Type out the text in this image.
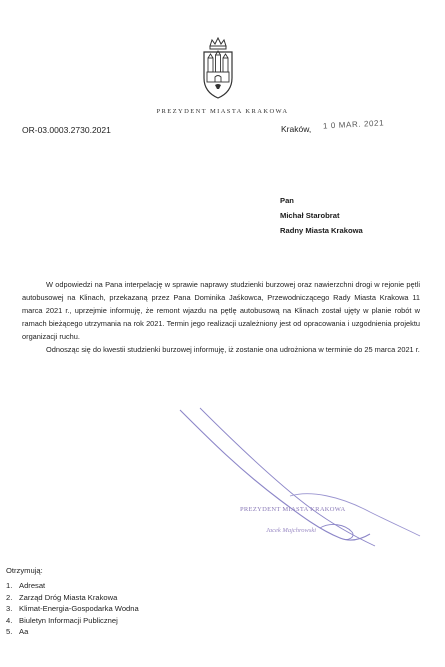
PREZYDENT MIASTA KRAKOWA
OR-03.0003.2730.2021	Kraków, 1 0 MAR. 2021
Pan
Michał Starobrat
Radny Miasta Krakowa

W odpowiedzi na Pana interpelację w sprawie naprawy studzienki burzowej oraz nawierzchni drogi w rejonie pętli autobusowej na Klinach, przekazaną przez Pana Dominika Jaśkowca, Przewodniczącego Rady Miasta Krakowa 11 marca 2021 r., uprzejmie informuję, że remont wjazdu na pętlę autobusową na Klinach został ujęty w planie robót w ramach bieżącego utrzymania na rok 2021. Termin jego realizacji uzależniony jest od opracowania i uzgodnienia projektu organizacji ruchu.

Odnosząc się do kwestii studzienki burzowej informuję, iż zostanie ona udrożniona w terminie do 25 marca 2021 r.

PREZYDENT MIASTA KRAKOWA
Jacek Majchrowski
Otrzymują:
1. Adresat
2. Zarząd Dróg Miasta Krakowa
3. Klimat-Energia-Gospodarka Wodna
4. Biuletyn Informacji Publicznej
5. Aa
